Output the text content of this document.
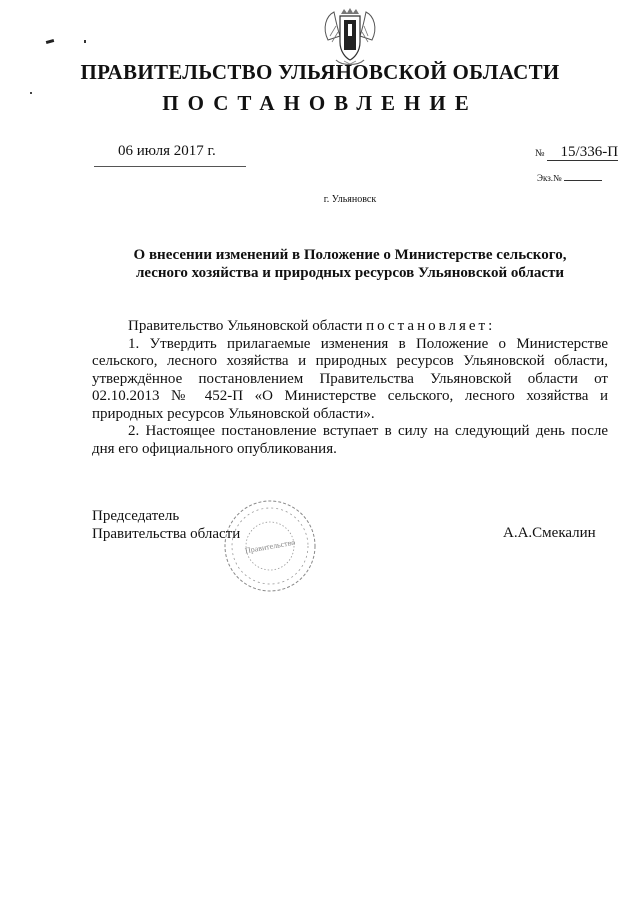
ПРАВИТЕЛЬСТВО УЛЬЯНОВСКОЙ ОБЛАСТИ
ПОСТАНОВЛЕНИЕ
06 июля 2017 г.	№ 15/336-П
Экз.№
г. Ульяновск
О внесении изменений в Положение о Министерстве сельского,
лесного хозяйства и природных ресурсов Ульяновской области

Правительство Ульяновской области постановляет:

1. Утвердить прилагаемые изменения в Положение о Министерстве сельского, лесного хозяйства и природных ресурсов Ульяновской области, утверждённое постановлением Правительства Ульяновской области от 02.10.2013 № 452-П «О Министерстве сельского, лесного хозяйства и природных ресурсов Ульяновской области».

2. Настоящее постановление вступает в силу на следующий день после дня его официального опубликования.

Правительство
Председатель
Правительства области	А.А.Смекалин
